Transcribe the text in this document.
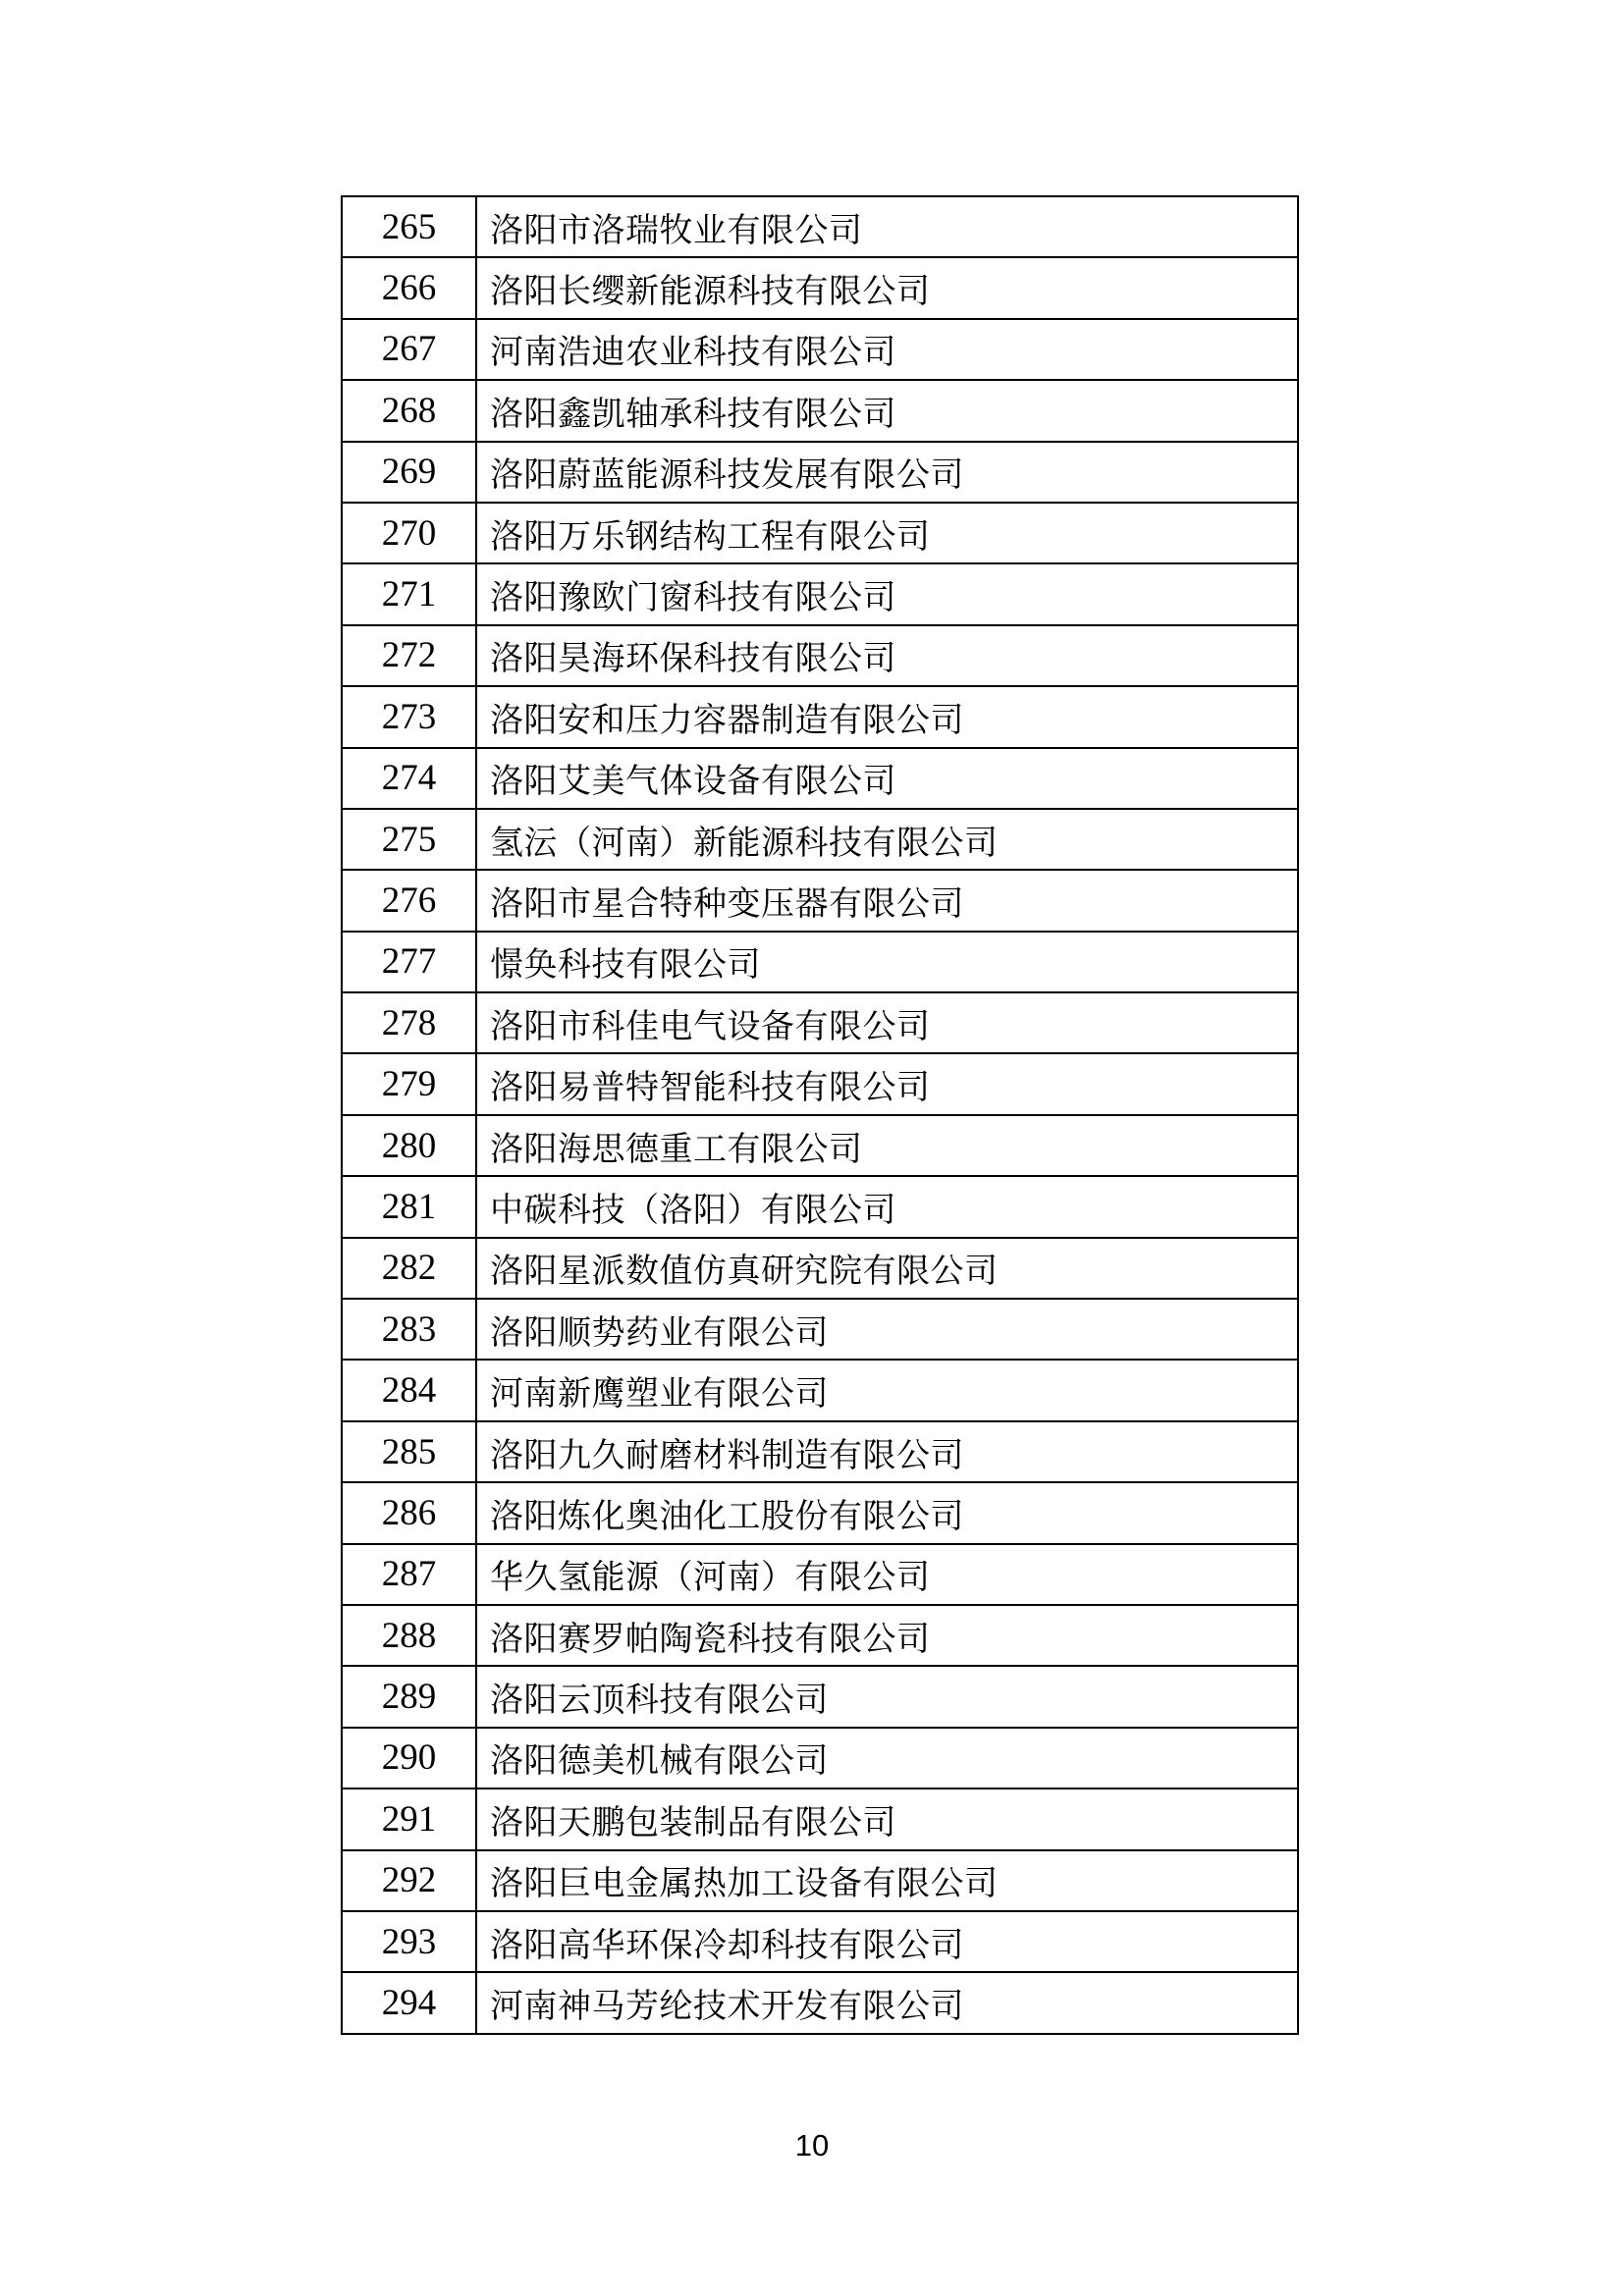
265	洛阳市洛瑞牧业有限公司
266	洛阳长缨新能源科技有限公司
267	河南浩迪农业科技有限公司
268	洛阳鑫凯轴承科技有限公司
269	洛阳蔚蓝能源科技发展有限公司
270	洛阳万乐钢结构工程有限公司
271	洛阳豫欧门窗科技有限公司
272	洛阳昊海环保科技有限公司
273	洛阳安和压力容器制造有限公司
274	洛阳艾美气体设备有限公司
275	氢沄（河南）新能源科技有限公司
276	洛阳市星合特种变压器有限公司
277	憬奂科技有限公司
278	洛阳市科佳电气设备有限公司
279	洛阳易普特智能科技有限公司
280	洛阳海思德重工有限公司
281	中碳科技（洛阳）有限公司
282	洛阳星派数值仿真研究院有限公司
283	洛阳顺势药业有限公司
284	河南新鹰塑业有限公司
285	洛阳九久耐磨材料制造有限公司
286	洛阳炼化奥油化工股份有限公司
287	华久氢能源（河南）有限公司
288	洛阳赛罗帕陶瓷科技有限公司
289	洛阳云顶科技有限公司
290	洛阳德美机械有限公司
291	洛阳天鹏包装制品有限公司
292	洛阳巨电金属热加工设备有限公司
293	洛阳高华环保冷却科技有限公司
294	河南神马芳纶技术开发有限公司
10
